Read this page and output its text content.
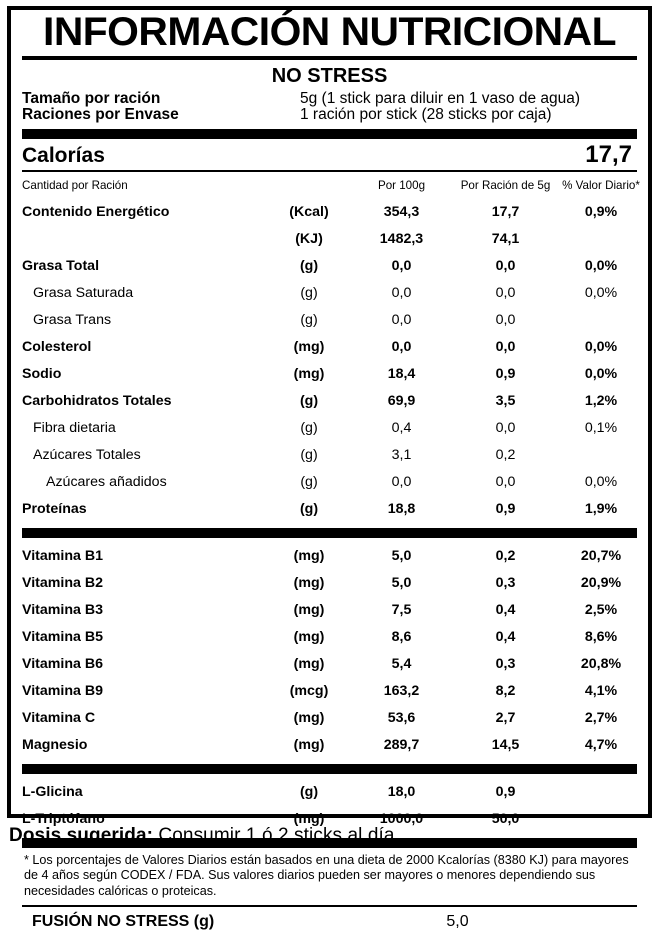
INFORMACIÓN NUTRICIONAL
NO STRESS
Tamaño por ración	5g (1 stick para diluir en 1 vaso de agua)
Raciones por Envase	1 ración por stick (28 sticks por caja)
Calorías	17,7
Cantidad por Ración		Por 100g	Por Ración de 5g	% Valor Diario*
Contenido Energético	(Kcal)	354,3	17,7	0,9%
	(KJ)	1482,3	74,1	
Grasa Total	(g)	0,0	0,0	0,0%
Grasa Saturada	(g)	0,0	0,0	0,0%
Grasa Trans	(g)	0,0	0,0	
Colesterol	(mg)	0,0	0,0	0,0%
Sodio	(mg)	18,4	0,9	0,0%
Carbohidratos Totales	(g)	69,9	3,5	1,2%
Fibra dietaria	(g)	0,4	0,0	0,1%
Azúcares Totales	(g)	3,1	0,2	
Azúcares añadidos	(g)	0,0	0,0	0,0%
Proteínas	(g)	18,8	0,9	1,9%
Vitamina B1	(mg)	5,0	0,2	20,7%
Vitamina B2	(mg)	5,0	0,3	20,9%
Vitamina B3	(mg)	7,5	0,4	2,5%
Vitamina B5	(mg)	8,6	0,4	8,6%
Vitamina B6	(mg)	5,4	0,3	20,8%
Vitamina B9	(mcg)	163,2	8,2	4,1%
Vitamina C	(mg)	53,6	2,7	2,7%
Magnesio	(mg)	289,7	14,5	4,7%
L-Glicina	(g)	18,0	0,9	
L-Triptófano	(mg)	1000,0	50,0	
* Los porcentajes de Valores Diarios están basados en una dieta de 2000 Kcalorías (8380 KJ) para mayores de 4 años según CODEX / FDA. Sus valores diarios pueden ser mayores o menores dependiendo sus necesidades calóricas o proteicas.
FUSIÓN NO STRESS (g)	5,0
Dosis sugerida: Consumir 1 ó 2 sticks al día
